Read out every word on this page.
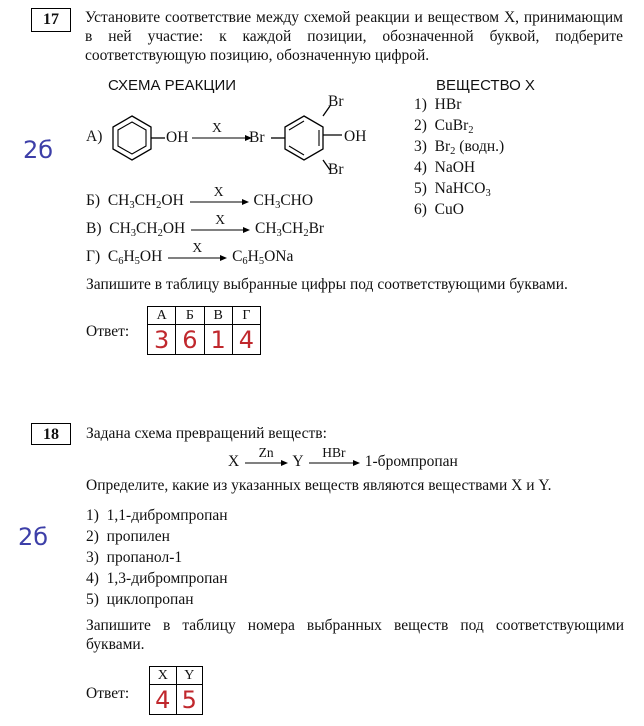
17	Установите соответствие между схемой реакции и веществом X, принимающим в ней участие: к каждой позиции, обозначенной буквой, подберите соответствующую позицию, обозначенную цифрой.
СХЕМА РЕАКЦИИ	ВЕЩЕСТВО X
2б А)	OH
X
Br
Br
Br
OH
Б) $CH_3CH_2OH$
X
$CH_3CHO$
В) $CH_3CH_2OH$
X
$CH_3CH_2Br$
Г) $C_6H_5OH$
X
$C_6H_5ONa$
1)  HBr
2)  CuBr$_2$
3)  $Br_2$ (водн.)
4)  NaOH
5)  NaHCO$_3$
6)  CuO
Запишите в таблицу выбранные цифры под соответствующими буквами.
Ответ:
А	Б	В	Г
3	6	1	4
18	Задана схема превращений веществ:
X
Zn
Y
HBr
1-бромпропан
Определите, какие из указанных веществ являются веществами X и Y.
2б
1)  1,1-дибромпропан
2)  пропилен
3)  пропанол-1
4)  1,3-дибромпропан
5)  циклопропан
Запишите в таблицу номера выбранных веществ под соответствующими буквами.
Ответ:
X	Y
4	5
